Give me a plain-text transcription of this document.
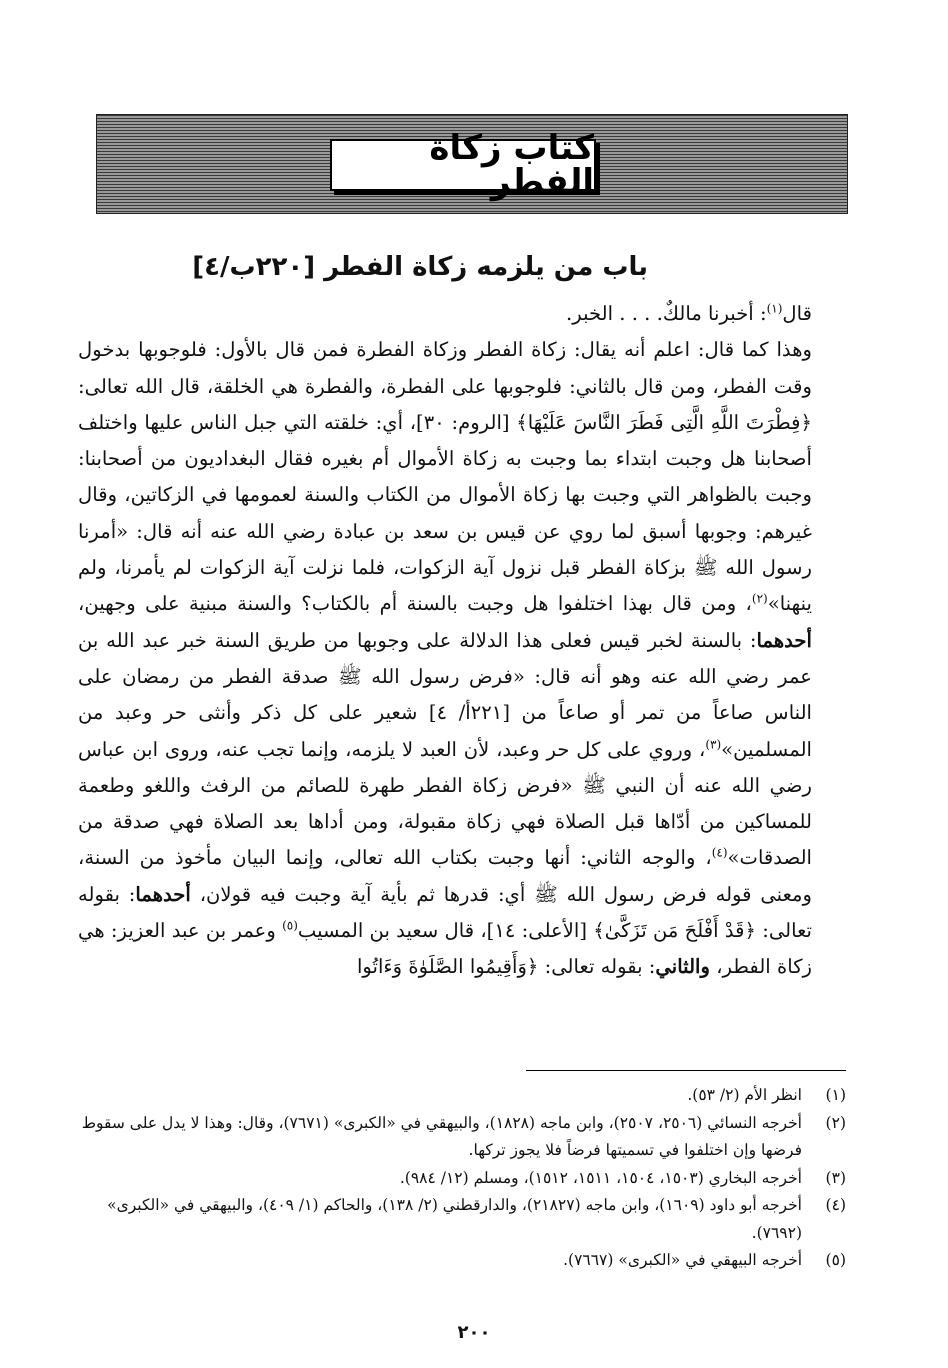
كتاب زكاة الفطر
باب من يلزمه زكاة الفطر [٢٢٠ب/٤]

قال$^{(١)}$: أخبرنا مالكٌ. . . . الخبر.

وهذا كما قال: اعلم أنه يقال: زكاة الفطر وزكاة الفطرة فمن قال بالأول: فلوجوبها بدخول وقت الفطر، ومن قال بالثاني: فلوجوبها على الفطرة، والفطرة هي الخلقة، قال الله تعالى: ﴿فِطْرَتَ اللَّهِ الَّتِى فَطَرَ النَّاسَ عَلَيْهَا﴾ [الروم: ٣٠]، أي: خلقته التي جبل الناس عليها واختلف أصحابنا هل وجبت ابتداء بما وجبت به زكاة الأموال أم بغيره فقال البغداديون من أصحابنا: وجبت بالظواهر التي وجبت بها زكاة الأموال من الكتاب والسنة لعمومها في الزكاتين، وقال غيرهم: وجوبها أسبق لما روي عن قيس بن سعد بن عبادة رضي الله عنه أنه قال: «أمرنا رسول الله ﷺ بزكاة الفطر قبل نزول آية الزكوات، فلما نزلت آية الزكوات لم يأمرنا، ولم ينهنا»$^{(٢)}$، ومن قال بهذا اختلفوا هل وجبت بالسنة أم بالكتاب؟ والسنة مبنية على وجهين، أحدهما: بالسنة لخبر قيس فعلى هذا الدلالة على وجوبها من طريق السنة خبر عبد الله بن عمر رضي الله عنه وهو أنه قال: «فرض رسول الله ﷺ صدقة الفطر من رمضان على الناس صاعاً من تمر أو صاعاً من [٢٢١أ/ ٤] شعير على كل ذكر وأنثى حر وعبد من المسلمين»$^{(٣)}$، وروي على كل حر وعبد، لأن العبد لا يلزمه، وإنما تجب عنه، وروى ابن عباس رضي الله عنه أن النبي ﷺ «فرض زكاة الفطر طهرة للصائم من الرفث واللغو وطعمة للمساكين من أدّاها قبل الصلاة فهي زكاة مقبولة، ومن أداها بعد الصلاة فهي صدقة من الصدقات»$^{(٤)}$، والوجه الثاني: أنها وجبت بكتاب الله تعالى، وإنما البيان مأخوذ من السنة، ومعنى قوله فرض رسول الله ﷺ أي: قدرها ثم بأية آية وجبت فيه قولان، أحدهما: بقوله تعالى: ﴿قَدْ أَفْلَحَ مَن تَزَكَّىٰ﴾ [الأعلى: ١٤]، قال سعيد بن المسيب$^{(٥)}$ وعمر بن عبد العزيز: هي زكاة الفطر، والثاني: بقوله تعالى: ﴿وَأَقِيمُوا الصَّلَوٰةَ وَءَاتُوا

(١)
انظر الأم (٢/ ٥٣).
(٢)
أخرجه النسائي (٢٥٠٦، ٢٥٠٧)، وابن ماجه (١٨٢٨)، والبيهقي في «الكبرى» (٧٦٧١)، وقال: وهذا لا يدل على سقوط فرضها وإن اختلفوا في تسميتها فرضاً فلا يجوز تركها.
(٣)
أخرجه البخاري (١٥٠٣، ١٥٠٤، ١٥١١، ١٥١٢)، ومسلم (١٢/ ٩٨٤).
(٤)
أخرجه أبو داود (١٦٠٩)، وابن ماجه (٢١٨٢٧)، والدارقطني (٢/ ١٣٨)، والحاكم (١/ ٤٠٩)، والبيهقي في «الكبرى» (٧٦٩٢).
(٥)
أخرجه البيهقي في «الكبرى» (٧٦٦٧).
٢٠٠
